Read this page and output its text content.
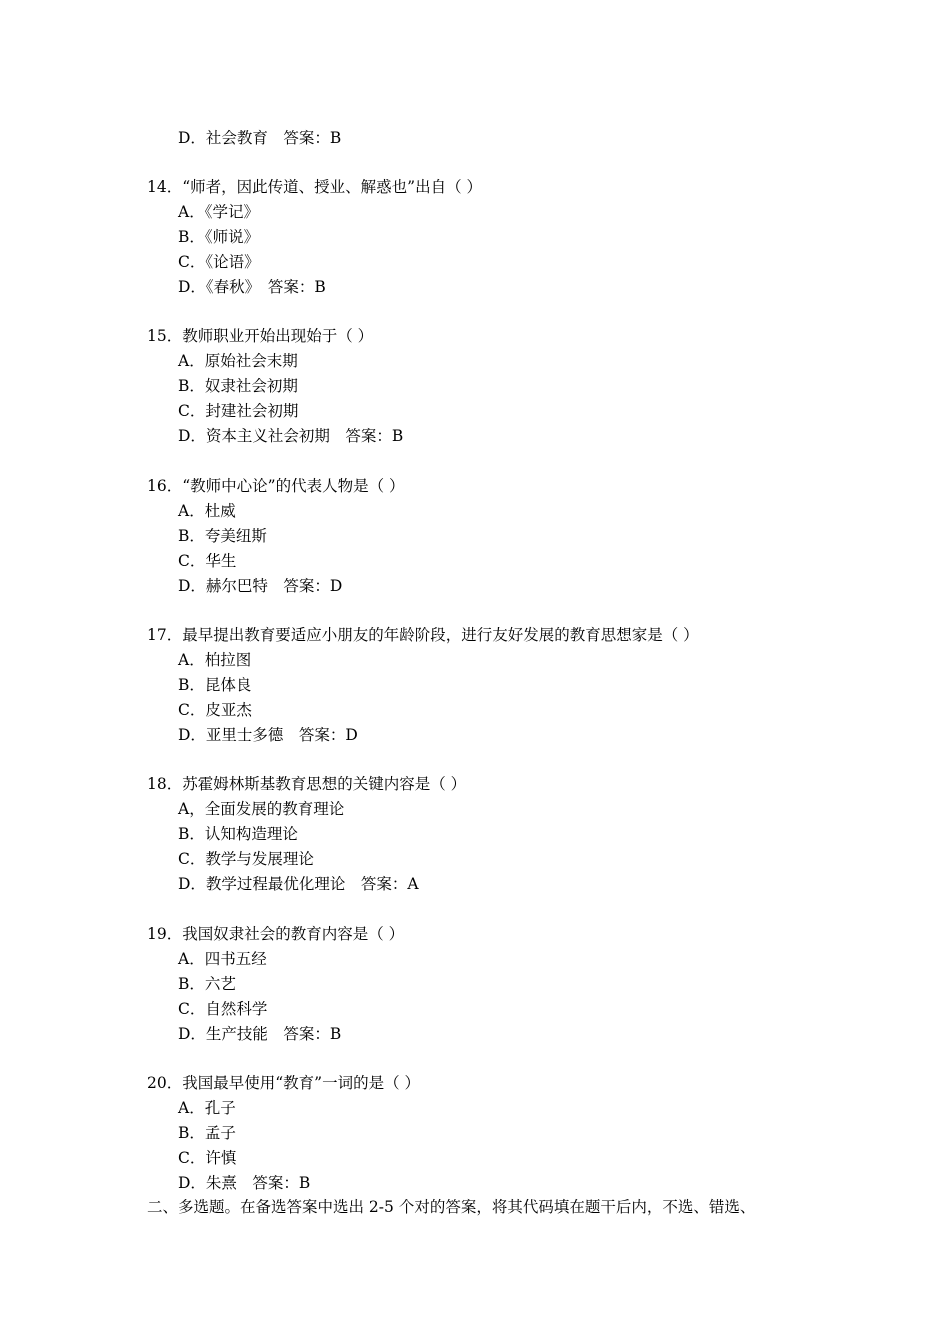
D．社会教育　答案：B
14．“师者，因此传道、授业、解惑也”出自（ ）
A．《学记》
B．《师说》
C．《论语》
D．《春秋》　答案：B
15．教师职业开始出现始于（ ）
A．原始社会末期
B．奴隶社会初期
C．封建社会初期
D．资本主义社会初期　答案：B
16．“教师中心论”的代表人物是（ ）
A．杜威
B．夸美纽斯
C．华生
D．赫尔巴特　答案：D
17．最早提出教育要适应小朋友的年龄阶段，进行友好发展的教育思想家是（ ）
A．柏拉图
B．昆体良
C．皮亚杰
D．亚里士多德　答案：D
18．苏霍姆林斯基教育思想的关键内容是（ ）
A，全面发展的教育理论
B．认知构造理论
C．教学与发展理论
D．教学过程最优化理论　答案：A
19．我国奴隶社会的教育内容是（ ）
A．四书五经
B．六艺
C．自然科学
D．生产技能　答案：B
20．我国最早使用“教育”一词的是（ ）
A．孔子
B．孟子
C．许慎
D．朱熹　答案：B
二、多选题。在备选答案中选出 2-5 个对的答案，将其代码填在题干后内，不选、错选、
